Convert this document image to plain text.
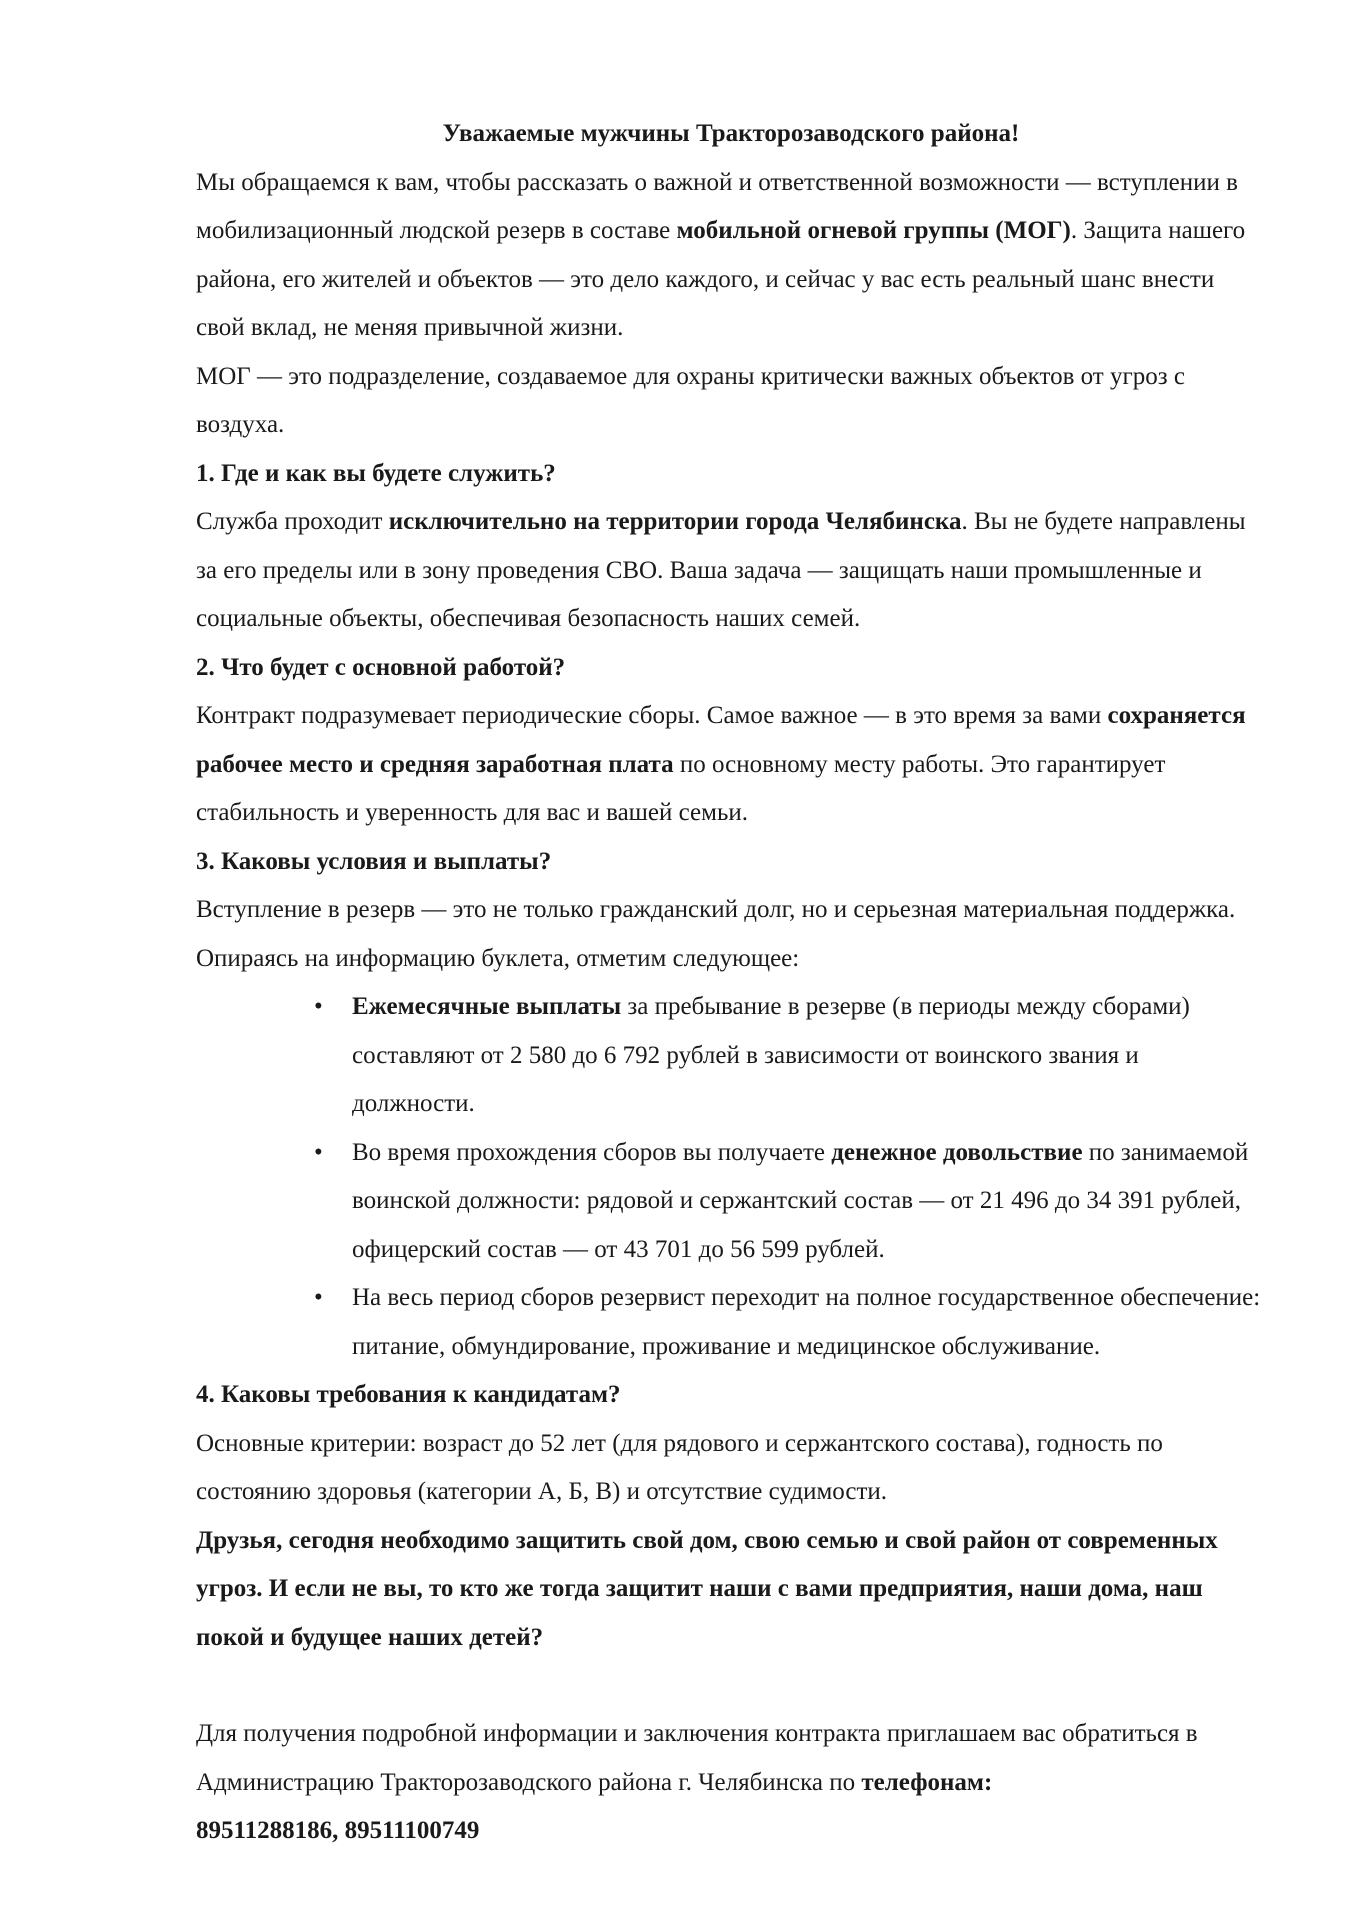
Уважаемые мужчины Тракторозаводского района!

Мы обращаемся к вам, чтобы рассказать о важной и ответственной возможности — вступлении в мобилизационный людской резерв в составе мобильной огневой группы (МОГ). Защита нашего района, его жителей и объектов — это дело каждого, и сейчас у вас есть реальный шанс внести свой вклад, не меняя привычной жизни.

МОГ — это подразделение, создаваемое для охраны критически важных объектов от угроз с воздуха.

1. Где и как вы будете служить?

Служба проходит исключительно на территории города Челябинска. Вы не будете направлены за его пределы или в зону проведения СВО. Ваша задача — защищать наши промышленные и социальные объекты, обеспечивая безопасность наших семей.

2. Что будет с основной работой?

Контракт подразумевает периодические сборы. Самое важное — в это время за вами сохраняется рабочее место и средняя заработная плата по основному месту работы. Это гарантирует стабильность и уверенность для вас и вашей семьи.

3. Каковы условия и выплаты?

Вступление в резерв — это не только гражданский долг, но и серьезная материальная поддержка. Опираясь на информацию буклета, отметим следующее:

• Ежемесячные выплаты за пребывание в резерве (в периоды между сборами) составляют от 2 580 до 6 792 рублей в зависимости от воинского звания и должности.
• Во время прохождения сборов вы получаете денежное довольствие по занимаемой воинской должности: рядовой и сержантский состав — от 21 496 до 34 391 рублей, офицерский состав — от 43 701 до 56 599 рублей.
• На весь период сборов резервист переходит на полное государственное обеспечение: питание, обмундирование, проживание и медицинское обслуживание.

4. Каковы требования к кандидатам?

Основные критерии: возраст до 52 лет (для рядового и сержантского состава), годность по состоянию здоровья (категории А, Б, В) и отсутствие судимости.

Друзья, сегодня необходимо защитить свой дом, свою семью и свой район от современных угроз. И если не вы, то кто же тогда защитит наши с вами предприятия, наши дома, наш покой и будущее наших детей?

Для получения подробной информации и заключения контракта приглашаем вас обратиться в Администрацию Тракторозаводского района г. Челябинска по телефонам:

89511288186, 89511100749
